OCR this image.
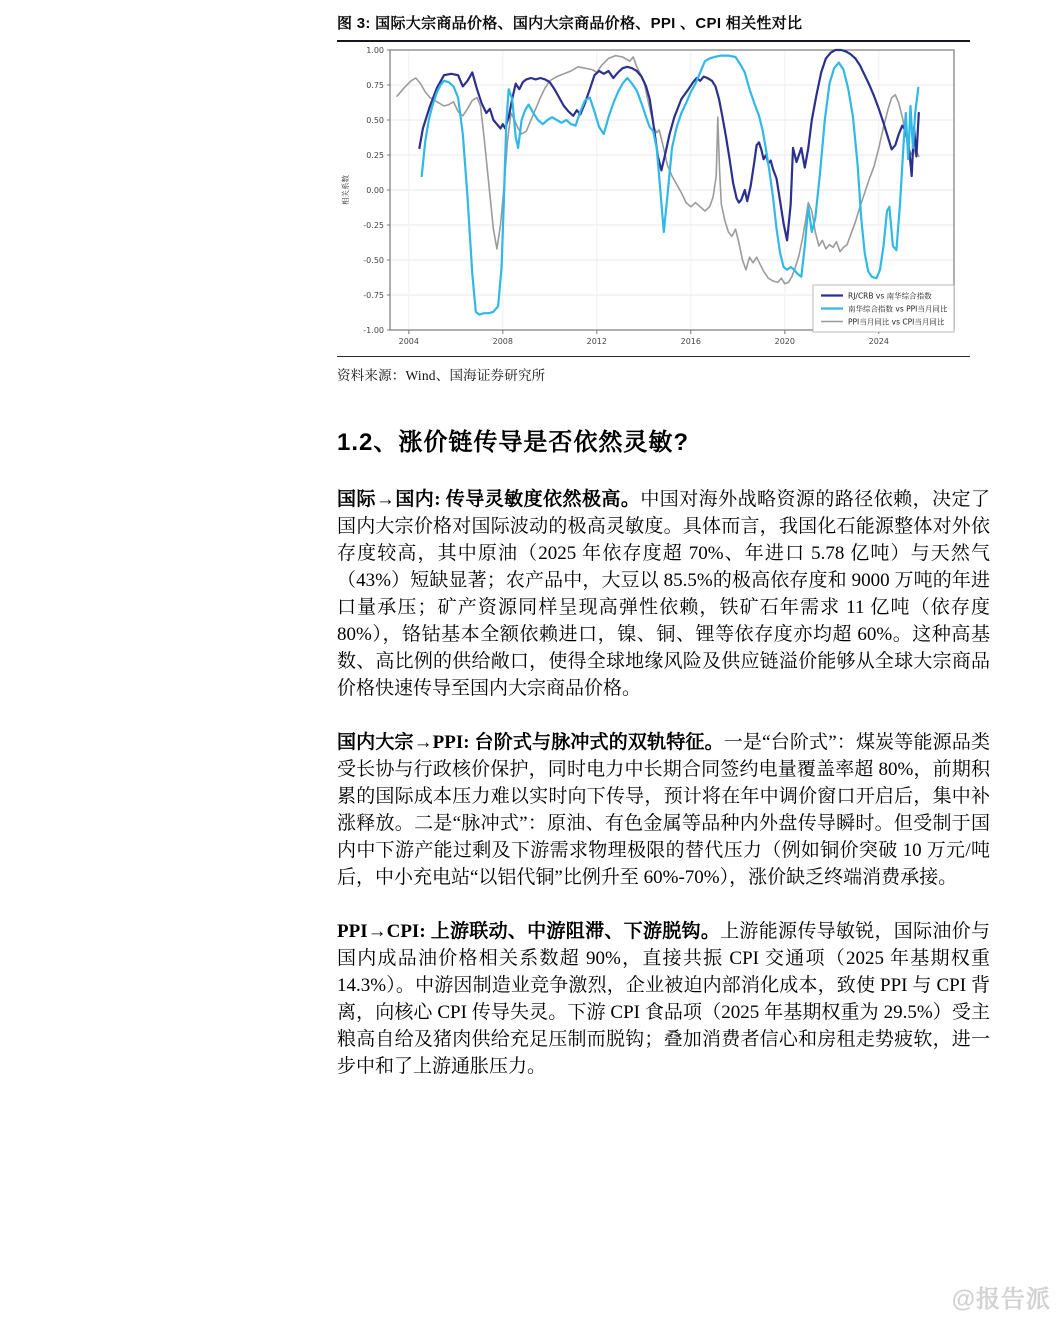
图 3: 国际大宗商品价格、国内大宗商品价格、PPI 、CPI 相关性对比
-1.00
-0.75
-0.50
-0.25
0.00
0.25
0.50
0.75
1.00
2004	2008	2012	2016	2020	2024
相关系数
RJ/CRB vs 南华综合指数
南华综合指数 vs PPI当月同比
PPI当月同比 vs CPI当月同比
资料来源：Wind、国海证券研究所
1.2、涨价链传导是否依然灵敏?

国际→国内: 传导灵敏度依然极高。中国对海外战略资源的路径依赖，决定了国内大宗价格对国际波动的极高灵敏度。具体而言，我国化石能源整体对外依存度较高，其中原油（2025 年依存度超 70%、年进口 5.78 亿吨）与天然气（43%）短缺显著；农产品中，大豆以 85.5%的极高依存度和 9000 万吨的年进口量承压；矿产资源同样呈现高弹性依赖，铁矿石年需求 11 亿吨（依存度 80%），铬钴基本全额依赖进口，镍、铜、锂等依存度亦均超 60%。这种高基数、高比例的供给敞口，使得全球地缘风险及供应链溢价能够从全球大宗商品价格快速传导至国内大宗商品价格。

国内大宗→PPI: 台阶式与脉冲式的双轨特征。一是“台阶式”：煤炭等能源品类受长协与行政核价保护，同时电力中长期合同签约电量覆盖率超 80%，前期积累的国际成本压力难以实时向下传导，预计将在年中调价窗口开启后，集中补涨释放。二是“脉冲式”：原油、有色金属等品种内外盘传导瞬时。但受制于国内中下游产能过剩及下游需求物理极限的替代压力（例如铜价突破 10 万元/吨后，中小充电站“以铝代铜”比例升至 60%-70%），涨价缺乏终端消费承接。

PPI→CPI: 上游联动、中游阻滞、下游脱钩。上游能源传导敏锐，国际油价与国内成品油价格相关系数超 90%，直接共振 CPI 交通项（2025 年基期权重 14.3%）。中游因制造业竞争激烈，企业被迫内部消化成本，致使 PPI 与 CPI 背离，向核心 CPI 传导失灵。下游 CPI 食品项（2025 年基期权重为 29.5%）受主粮高自给及猪肉供给充足压制而脱钩；叠加消费者信心和房租走势疲软，进一步中和了上游通胀压力。

@报告派
